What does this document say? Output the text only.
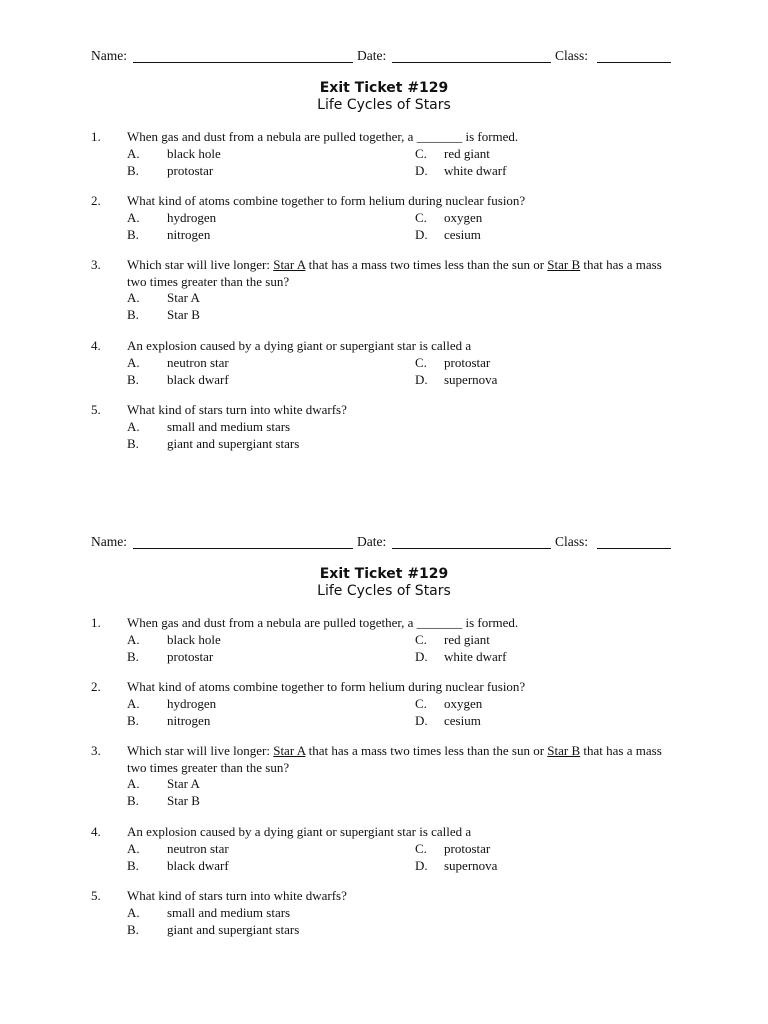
Name:	Date:	Class:
Exit Ticket #129
Life Cycles of Stars
1. When gas and dust from a nebula are pulled together, a _______ is formed.
A. black hole
B. protostar
C. red giant
D. white dwarf
2. What kind of atoms combine together to form helium during nuclear fusion?
A. hydrogen
B. nitrogen
C. oxygen
D. cesium
3. Which star will live longer: Star A that has a mass two times less than the sun or Star B that has a mass two times greater than the sun?
A. Star A
B. Star B
4. An explosion caused by a dying giant or supergiant star is called a
A. neutron star
B. black dwarf
C. protostar
D. supernova
5. What kind of stars turn into white dwarfs?
A. small and medium stars
B. giant and supergiant stars
Name:	Date:	Class:
Exit Ticket #129
Life Cycles of Stars
1. When gas and dust from a nebula are pulled together, a _______ is formed.
A. black hole
B. protostar
C. red giant
D. white dwarf
2. What kind of atoms combine together to form helium during nuclear fusion?
A. hydrogen
B. nitrogen
C. oxygen
D. cesium
3. Which star will live longer: Star A that has a mass two times less than the sun or Star B that has a mass two times greater than the sun?
A. Star A
B. Star B
4. An explosion caused by a dying giant or supergiant star is called a
A. neutron star
B. black dwarf
C. protostar
D. supernova
5. What kind of stars turn into white dwarfs?
A. small and medium stars
B. giant and supergiant stars
